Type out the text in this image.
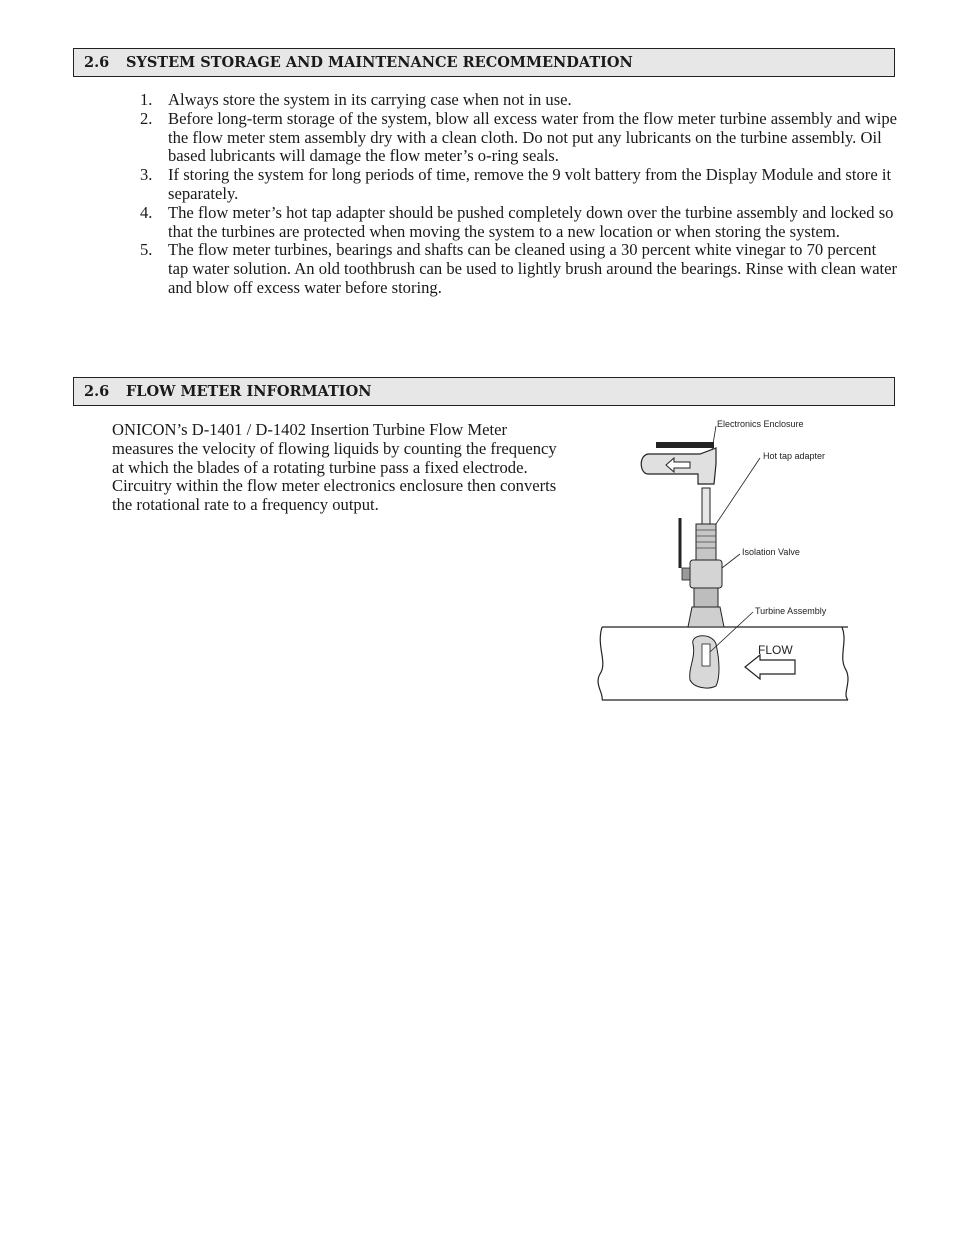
2.6 SYSTEM STORAGE AND MAINTENANCE RECOMMENDATION
1. Always store the system in its carrying case when not in use.
2. Before long-term storage of the system, blow all excess water from the flow meter turbine assembly and wipe the flow meter stem assembly dry with a clean cloth. Do not put any lubricants on the turbine assembly. Oil based lubricants will damage the flow meter’s o-ring seals.
3. If storing the system for long periods of time, remove the 9 volt battery from the Display Module and store it separately.
4. The flow meter’s hot tap adapter should be pushed completely down over the turbine assembly and locked so that the turbines are protected when moving the system to a new location or when storing the system.
5. The flow meter turbines, bearings and shafts can be cleaned using a 30 percent white vinegar to 70 percent tap water solution. An old toothbrush can be used to lightly brush around the bearings. Rinse with clean water and blow off excess water before storing.
2.6 FLOW METER INFORMATION
ONICON’s D-1401 / D-1402 Insertion Turbine Flow Meter measures the velocity of flowing liquids by counting the frequency at which the blades of a rotating turbine pass a fixed electrode. Circuitry within the flow meter electronics enclosure then converts the rotational rate to a frequency output.
FLOW
Electronics Enclosure
Hot tap adapter
Isolation Valve
Turbine Assembly
